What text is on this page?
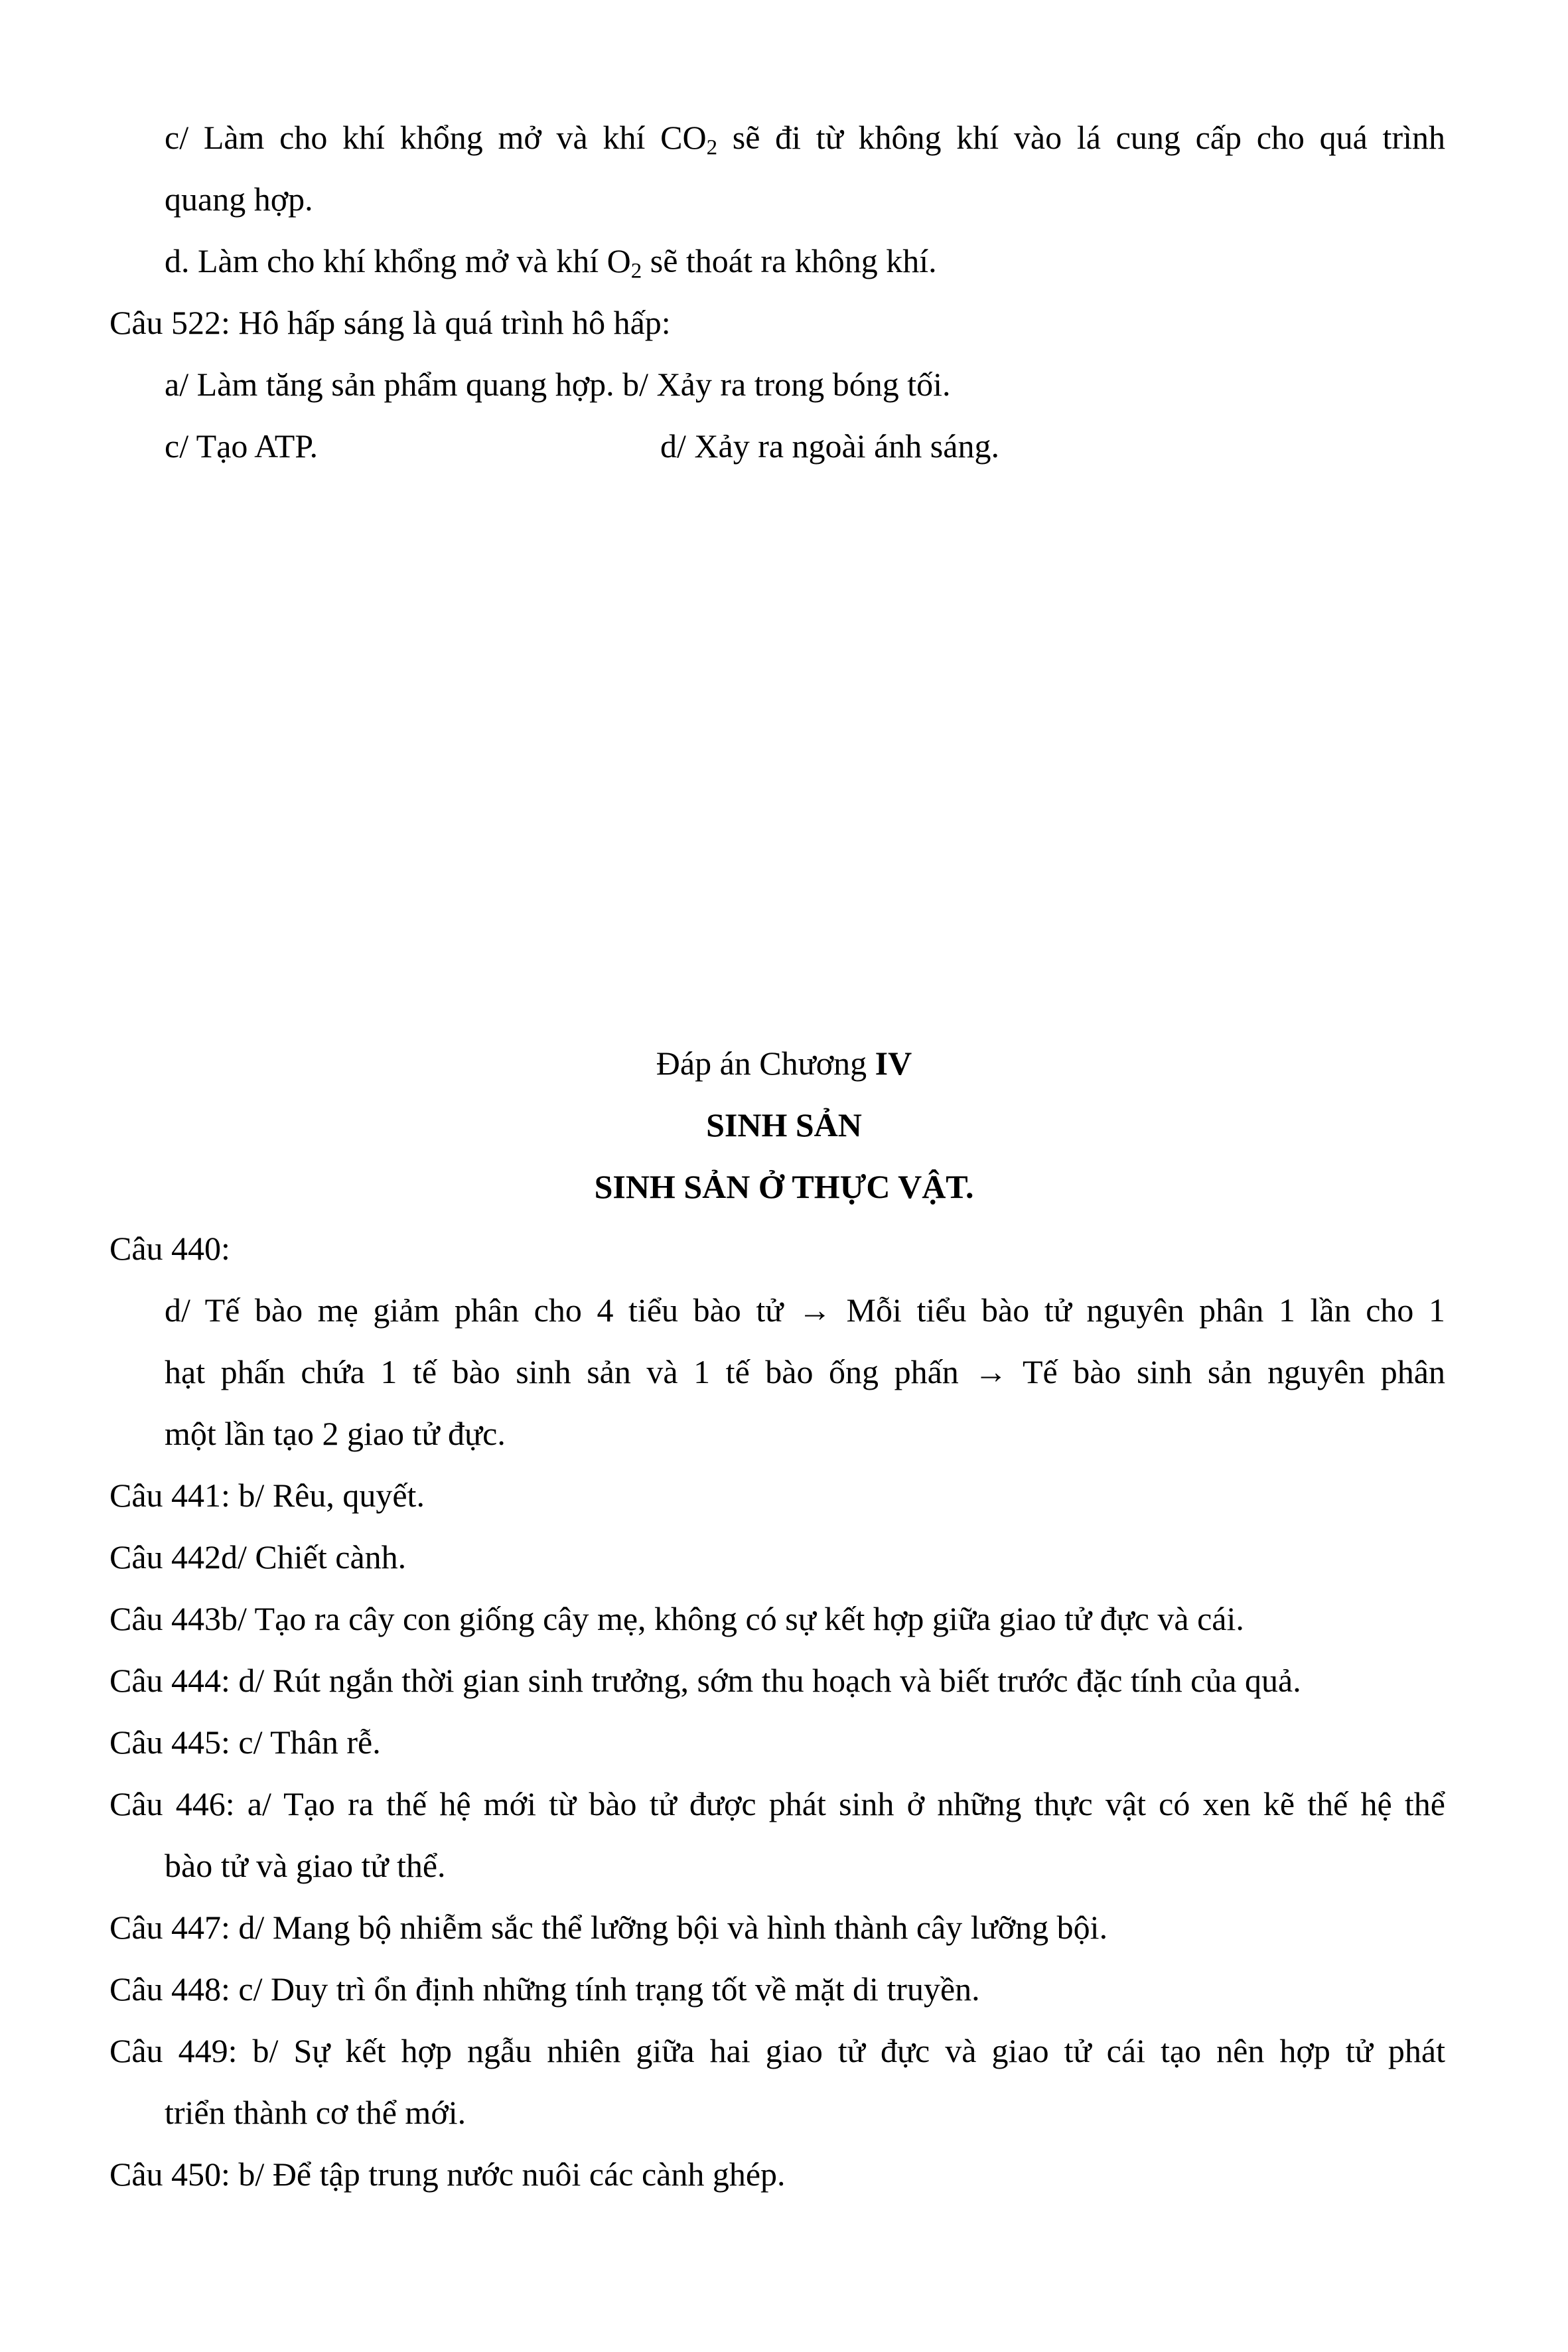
c/ Làm cho khí khổng mở và khí $CO_2$ sẽ đi từ không khí vào lá cung cấp cho quá trình
quang hợp.
d. Làm cho khí khổng mở và khí $O_2$ sẽ thoát ra không khí.
Câu 522: Hô hấp sáng là quá trình hô hấp:
a/ Làm tăng sản phẩm quang hợp. b/ Xảy ra trong bóng tối.
c/ Tạo ATP.	d/ Xảy ra ngoài ánh sáng.
Đáp án Chương IV
SINH SẢN
SINH SẢN Ở THỰC VẬT.
Câu 440:
d/ Tế bào mẹ giảm phân cho 4 tiểu bào tử → Mỗi tiểu bào tử nguyên phân 1 lần cho 1
hạt phấn chứa 1 tế bào sinh sản và 1 tế bào ống phấn → Tế bào sinh sản nguyên phân
một lần tạo 2 giao tử đực.
Câu 441: b/ Rêu, quyết.
Câu 442d/ Chiết cành.
Câu 443b/ Tạo ra cây con giống cây mẹ, không có sự kết hợp giữa giao tử đực và cái.
Câu 444: d/ Rút ngắn thời gian sinh trưởng, sớm thu hoạch và biết trước đặc tính của quả.
Câu 445: c/ Thân rễ.
Câu 446: a/ Tạo ra thế hệ mới từ bào tử được phát sinh ở những thực vật có xen kẽ thế hệ thể
bào tử và giao tử thể.
Câu 447: d/ Mang bộ nhiễm sắc thể lưỡng bội và hình thành cây lưỡng bội.
Câu 448: c/ Duy trì ổn định những tính trạng tốt về mặt di truyền.
Câu 449: b/ Sự kết hợp ngẫu nhiên giữa hai giao tử đực và giao tử cái tạo nên hợp tử phát
triển thành cơ thể mới.
Câu 450: b/ Để tập trung nước nuôi các cành ghép.
